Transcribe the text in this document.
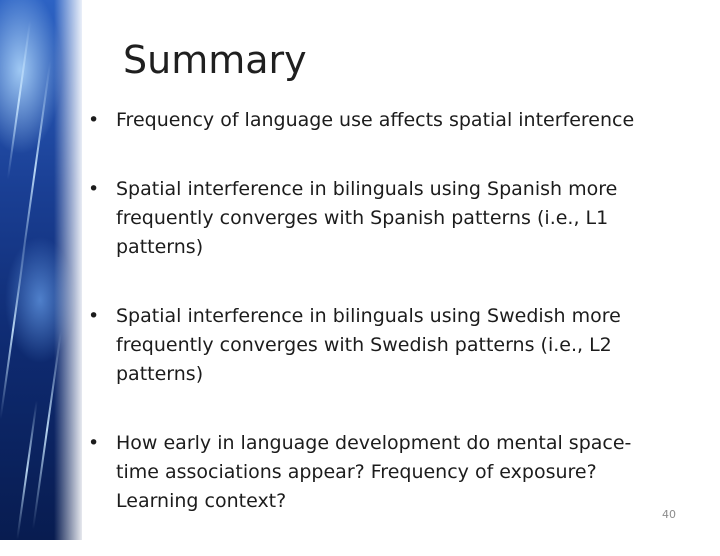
Summary
• Frequency of language use affects spatial interference
• Spatial interference in bilinguals using Spanish more frequently converges with Spanish patterns (i.e., L1 patterns)
• Spatial interference in bilinguals using Swedish more frequently converges with Swedish patterns (i.e., L2 patterns)
• How early in language development do mental space-time associations appear? Frequency of exposure? Learning context?
40
